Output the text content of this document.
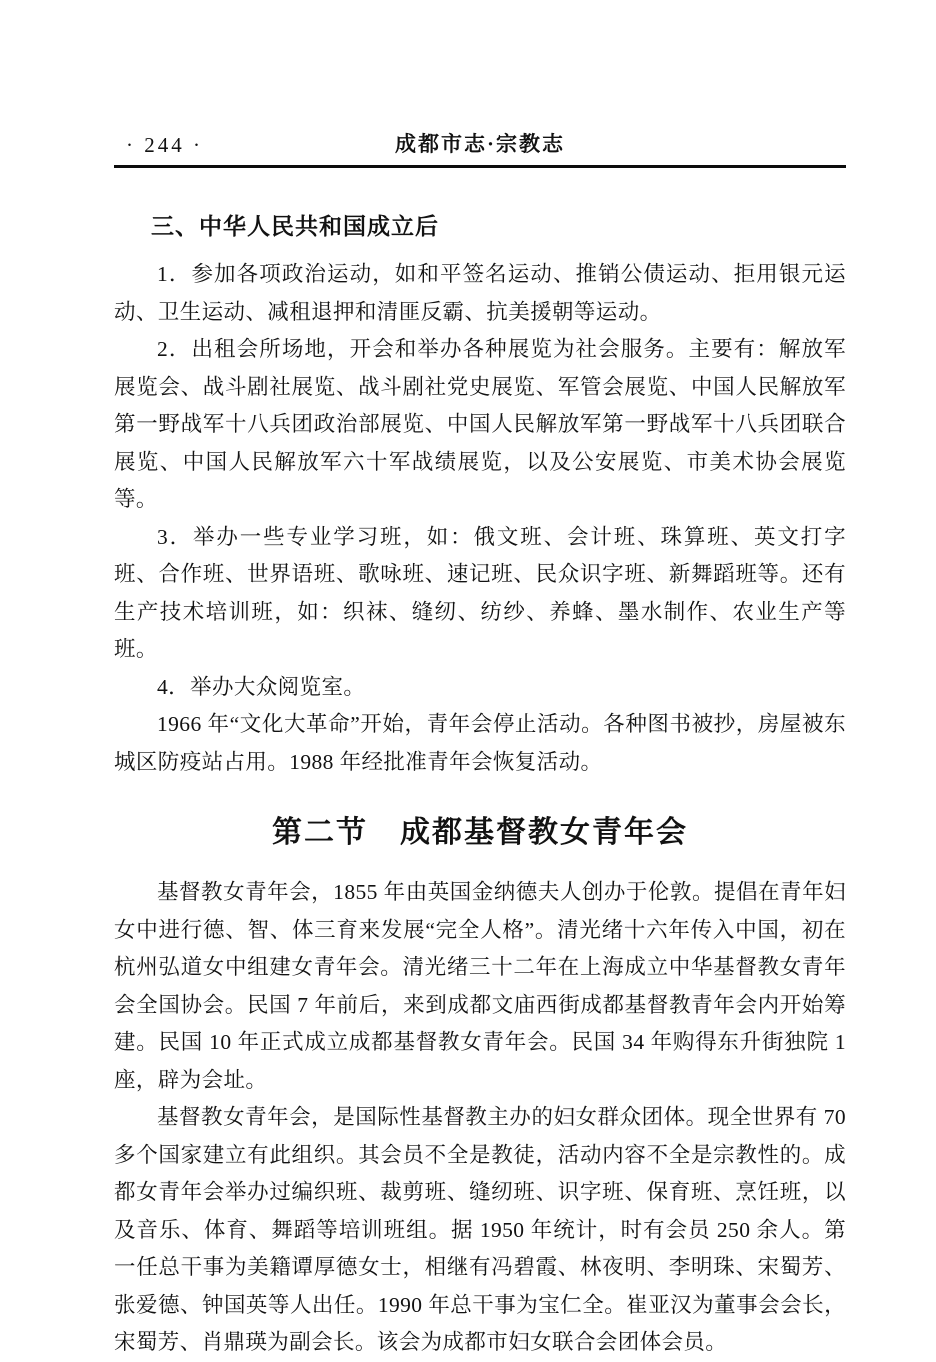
· 244 ·	成都市志·宗教志
三、中华人民共和国成立后

1．参加各项政治运动，如和平签名运动、推销公债运动、拒用银元运动、卫生运动、减租退押和清匪反霸、抗美援朝等运动。

2．出租会所场地，开会和举办各种展览为社会服务。主要有：解放军展览会、战斗剧社展览、战斗剧社党史展览、军管会展览、中国人民解放军第一野战军十八兵团政治部展览、中国人民解放军第一野战军十八兵团联合展览、中国人民解放军六十军战绩展览，以及公安展览、市美术协会展览等。

3．举办一些专业学习班，如：俄文班、会计班、珠算班、英文打字班、合作班、世界语班、歌咏班、速记班、民众识字班、新舞蹈班等。还有生产技术培训班，如：织袜、缝纫、纺纱、养蜂、墨水制作、农业生产等班。

4．举办大众阅览室。

1966 年“文化大革命”开始，青年会停止活动。各种图书被抄，房屋被东城区防疫站占用。1988 年经批准青年会恢复活动。

第二节　成都基督教女青年会

基督教女青年会，1855 年由英国金纳德夫人创办于伦敦。提倡在青年妇女中进行德、智、体三育来发展“完全人格”。清光绪十六年传入中国，初在杭州弘道女中组建女青年会。清光绪三十二年在上海成立中华基督教女青年会全国协会。民国 7 年前后，来到成都文庙西街成都基督教青年会内开始筹建。民国 10 年正式成立成都基督教女青年会。民国 34 年购得东升街独院 1 座，辟为会址。

基督教女青年会，是国际性基督教主办的妇女群众团体。现全世界有 70 多个国家建立有此组织。其会员不全是教徒，活动内容不全是宗教性的。成都女青年会举办过编织班、裁剪班、缝纫班、识字班、保育班、烹饪班，以及音乐、体育、舞蹈等培训班组。据 1950 年统计，时有会员 250 余人。第一任总干事为美籍谭厚德女士，相继有冯碧霞、林夜明、李明珠、宋蜀芳、张爱德、钟国英等人出任。1990 年总干事为宝仁全。崔亚汉为董事会会长，宋蜀芳、肖鼎瑛为副会长。该会为成都市妇女联合会团体会员。
